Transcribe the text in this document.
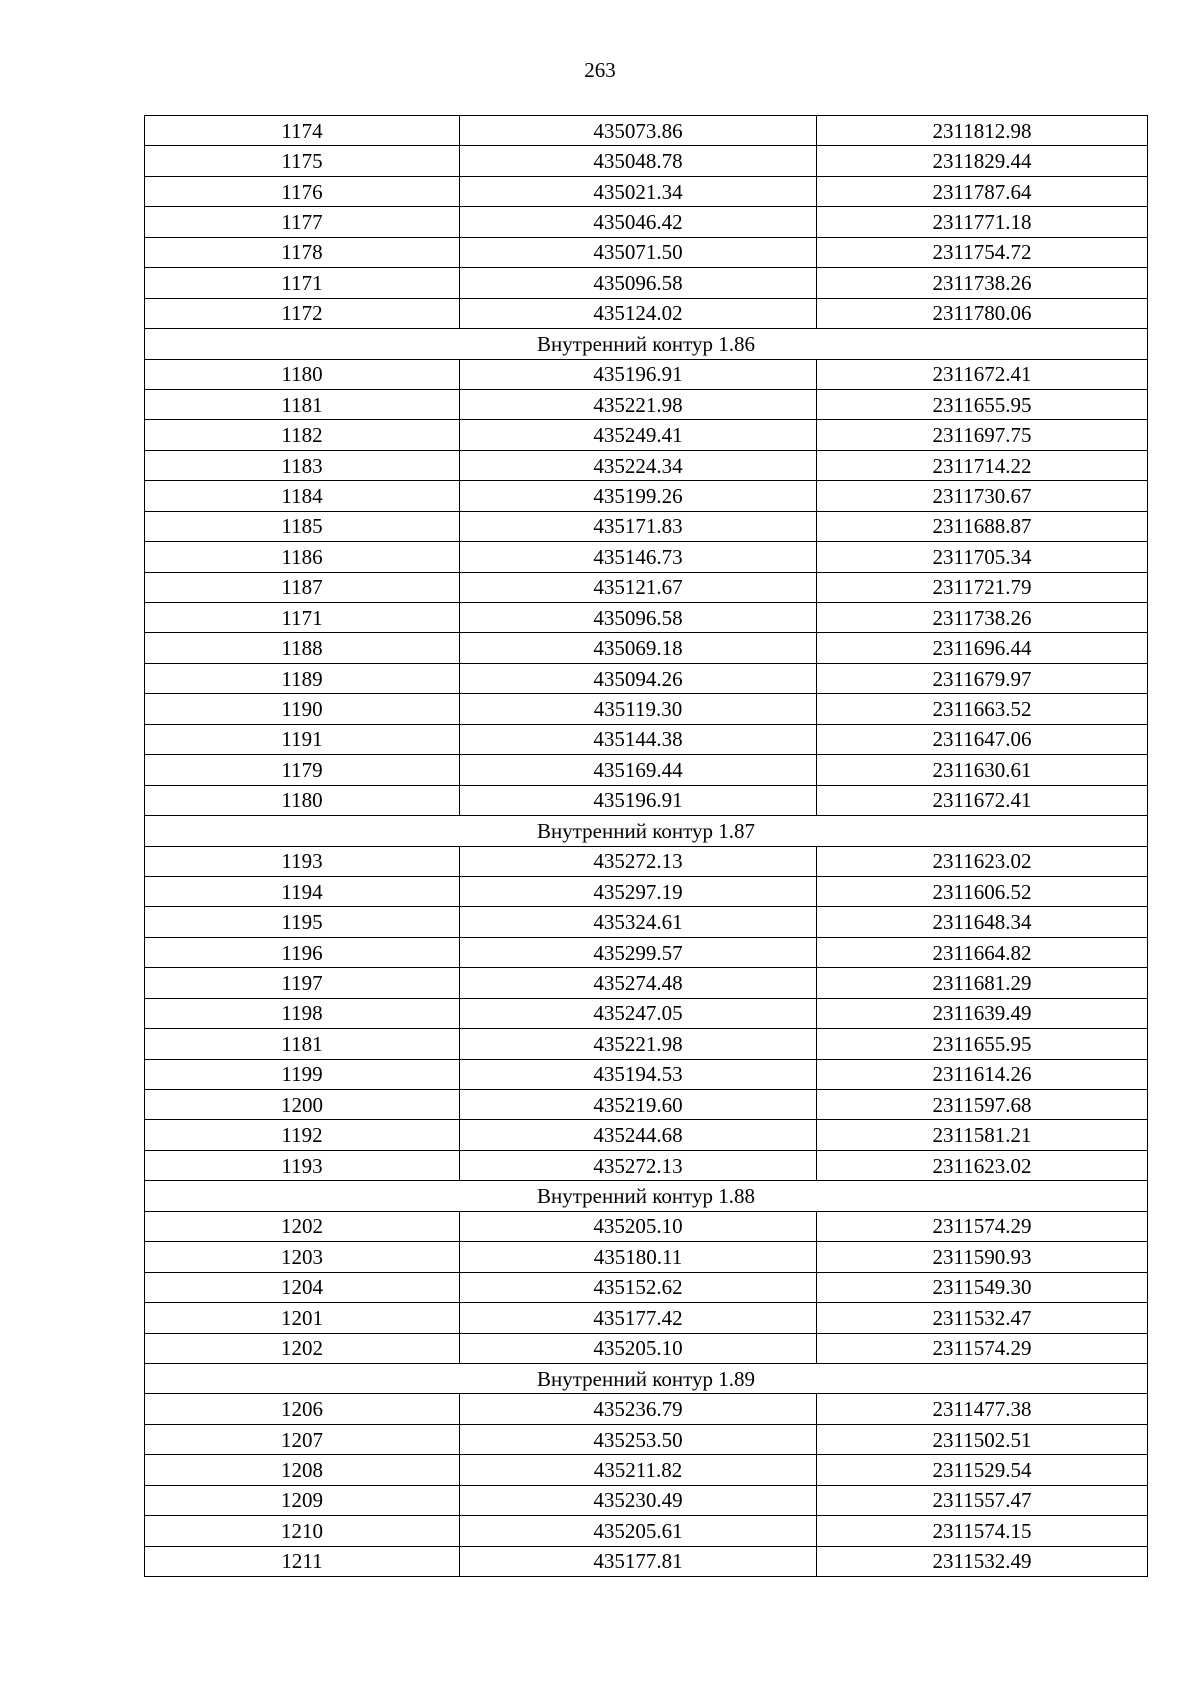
263
1174	435073.86	2311812.98
1175	435048.78	2311829.44
1176	435021.34	2311787.64
1177	435046.42	2311771.18
1178	435071.50	2311754.72
1171	435096.58	2311738.26
1172	435124.02	2311780.06
Внутренний контур 1.86		
1180	435196.91	2311672.41
1181	435221.98	2311655.95
1182	435249.41	2311697.75
1183	435224.34	2311714.22
1184	435199.26	2311730.67
1185	435171.83	2311688.87
1186	435146.73	2311705.34
1187	435121.67	2311721.79
1171	435096.58	2311738.26
1188	435069.18	2311696.44
1189	435094.26	2311679.97
1190	435119.30	2311663.52
1191	435144.38	2311647.06
1179	435169.44	2311630.61
1180	435196.91	2311672.41
Внутренний контур 1.87		
1193	435272.13	2311623.02
1194	435297.19	2311606.52
1195	435324.61	2311648.34
1196	435299.57	2311664.82
1197	435274.48	2311681.29
1198	435247.05	2311639.49
1181	435221.98	2311655.95
1199	435194.53	2311614.26
1200	435219.60	2311597.68
1192	435244.68	2311581.21
1193	435272.13	2311623.02
Внутренний контур 1.88		
1202	435205.10	2311574.29
1203	435180.11	2311590.93
1204	435152.62	2311549.30
1201	435177.42	2311532.47
1202	435205.10	2311574.29
Внутренний контур 1.89		
1206	435236.79	2311477.38
1207	435253.50	2311502.51
1208	435211.82	2311529.54
1209	435230.49	2311557.47
1210	435205.61	2311574.15
1211	435177.81	2311532.49
